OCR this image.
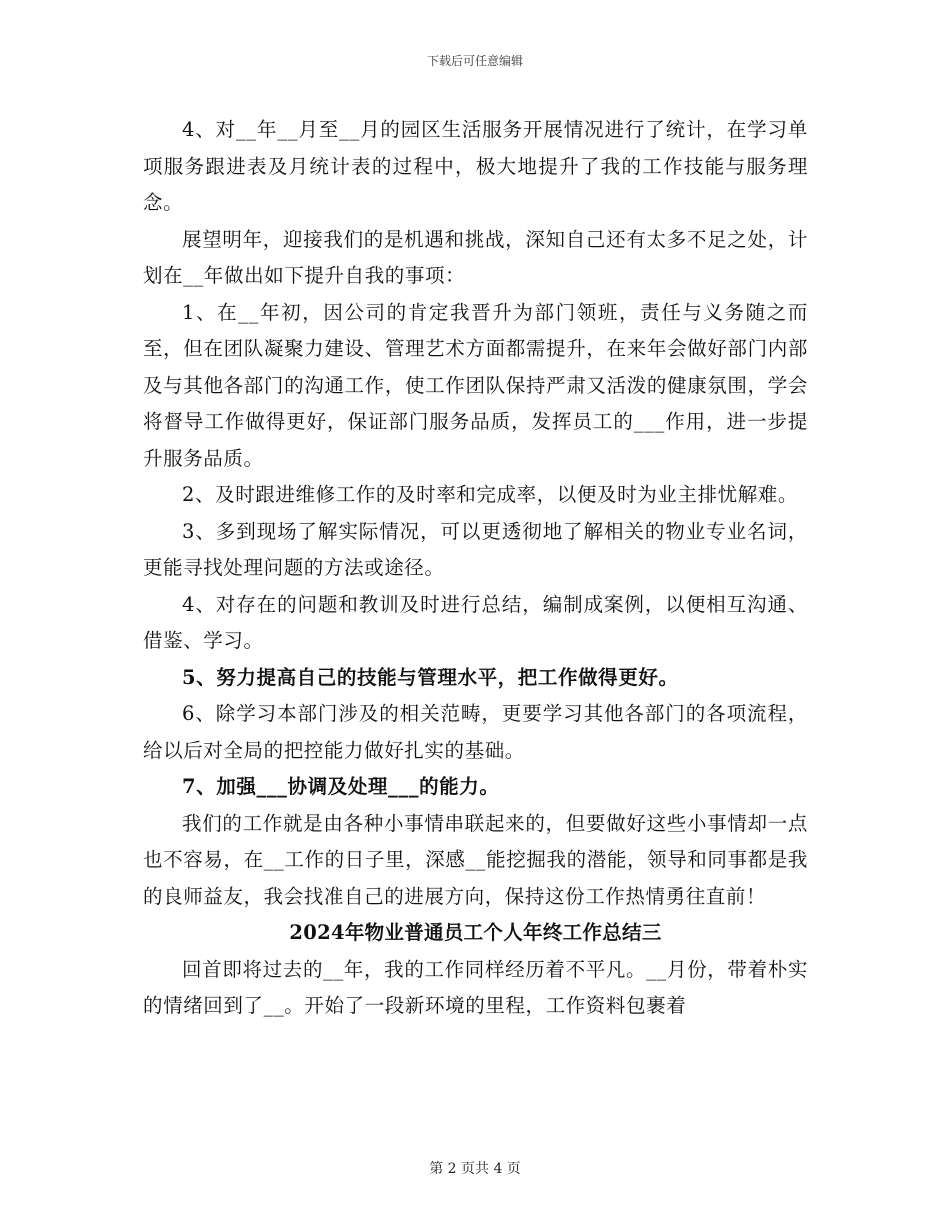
下载后可任意编辑

4、对__年__月至__月的园区生活服务开展情况进行了统计，在学习单项服务跟进表及月统计表的过程中，极大地提升了我的工作技能与服务理念。

展望明年，迎接我们的是机遇和挑战，深知自己还有太多不足之处，计划在__年做出如下提升自我的事项：

1、在__年初，因公司的肯定我晋升为部门领班，责任与义务随之而至，但在团队凝聚力建设、管理艺术方面都需提升，在来年会做好部门内部及与其他各部门的沟通工作，使工作团队保持严肃又活泼的健康氛围，学会将督导工作做得更好，保证部门服务品质，发挥员工的___作用，进一步提升服务品质。

2、及时跟进维修工作的及时率和完成率，以便及时为业主排忧解难。

3、多到现场了解实际情况，可以更透彻地了解相关的物业专业名词，更能寻找处理问题的方法或途径。

4、对存在的问题和教训及时进行总结，编制成案例，以便相互沟通、借鉴、学习。

5、努力提高自己的技能与管理水平，把工作做得更好。

6、除学习本部门涉及的相关范畴，更要学习其他各部门的各项流程，给以后对全局的把控能力做好扎实的基础。

7、加强___协调及处理___的能力。

我们的工作就是由各种小事情串联起来的，但要做好这些小事情却一点也不容易，在__工作的日子里，深感__能挖掘我的潜能，领导和同事都是我的良师益友，我会找准自己的进展方向，保持这份工作热情勇往直前！

2024年物业普通员工个人年终工作总结三

回首即将过去的__年，我的工作同样经历着不平凡。__月份，带着朴实的情绪回到了__。开始了一段新环境的里程，工作资料包裹着

第 2 页共 4 页
